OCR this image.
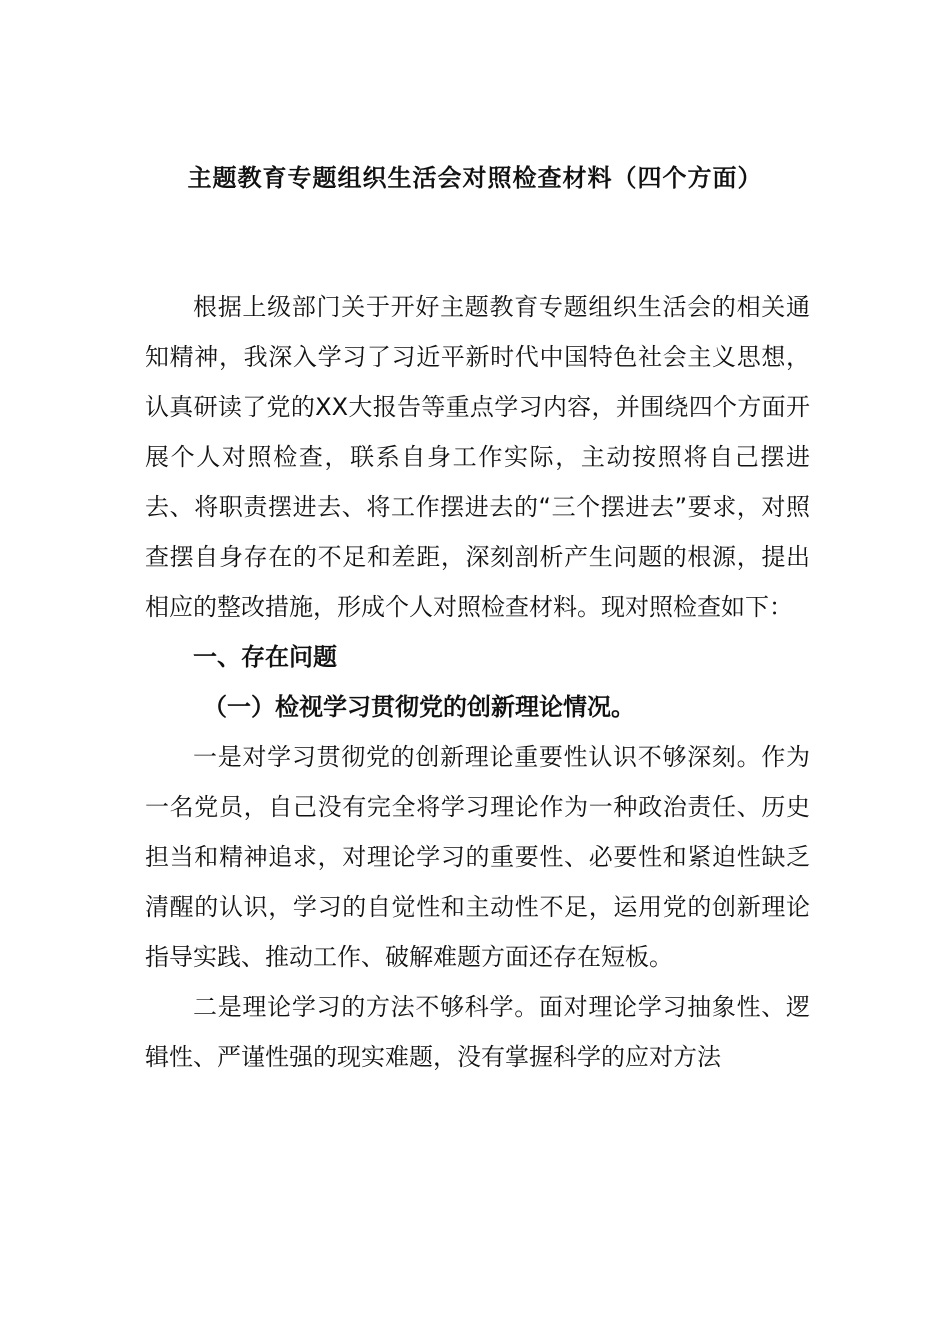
主题教育专题组织生活会对照检查材料（四个方面）

根据上级部门关于开好主题教育专题组织生活会的相关通知精神，我深入学习了习近平新时代中国特色社会主义思想，认真研读了党的XX大报告等重点学习内容，并围绕四个方面开展个人对照检查，联系自身工作实际，主动按照将自己摆进去、将职责摆进去、将工作摆进去的“三个摆进去”要求，对照查摆自身存在的不足和差距，深刻剖析产生问题的根源，提出相应的整改措施，形成个人对照检查材料。现对照检查如下：

一、存在问题

（一）检视学习贯彻党的创新理论情况。

一是对学习贯彻党的创新理论重要性认识不够深刻。作为一名党员，自己没有完全将学习理论作为一种政治责任、历史担当和精神追求，对理论学习的重要性、必要性和紧迫性缺乏清醒的认识，学习的自觉性和主动性不足，运用党的创新理论指导实践、推动工作、破解难题方面还存在短板。

二是理论学习的方法不够科学。面对理论学习抽象性、逻辑性、严谨性强的现实难题，没有掌握科学的应对方法
